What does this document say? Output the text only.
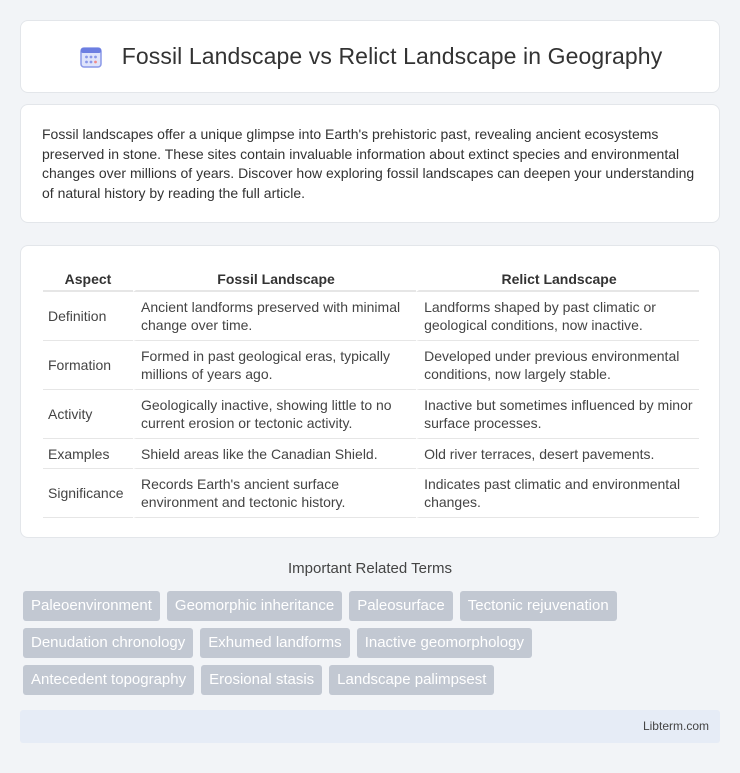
Fossil Landscape vs Relict Landscape in Geography

Fossil landscapes offer a unique glimpse into Earth's prehistoric past, revealing ancient ecosystems preserved in stone. These sites contain invaluable information about extinct species and environmental changes over millions of years. Discover how exploring fossil landscapes can deepen your understanding of natural history by reading the full article.

Aspect	Fossil Landscape	Relict Landscape
Definition	Ancient landforms preserved with minimal change over time.	Landforms shaped by past climatic or geological conditions, now inactive.
Formation	Formed in past geological eras, typically millions of years ago.	Developed under previous environmental conditions, now largely stable.
Activity	Geologically inactive, showing little to no current erosion or tectonic activity.	Inactive but sometimes influenced by minor surface processes.
Examples	Shield areas like the Canadian Shield.	Old river terraces, desert pavements.
Significance	Records Earth's ancient surface environment and tectonic history.	Indicates past climatic and environmental changes.
Important Related Terms
Paleoenvironment	Geomorphic inheritance	Paleosurface	Tectonic rejuvenation
Denudation chronology	Exhumed landforms	Inactive geomorphology
Antecedent topography	Erosional stasis	Landscape palimpsest
Libterm.com
